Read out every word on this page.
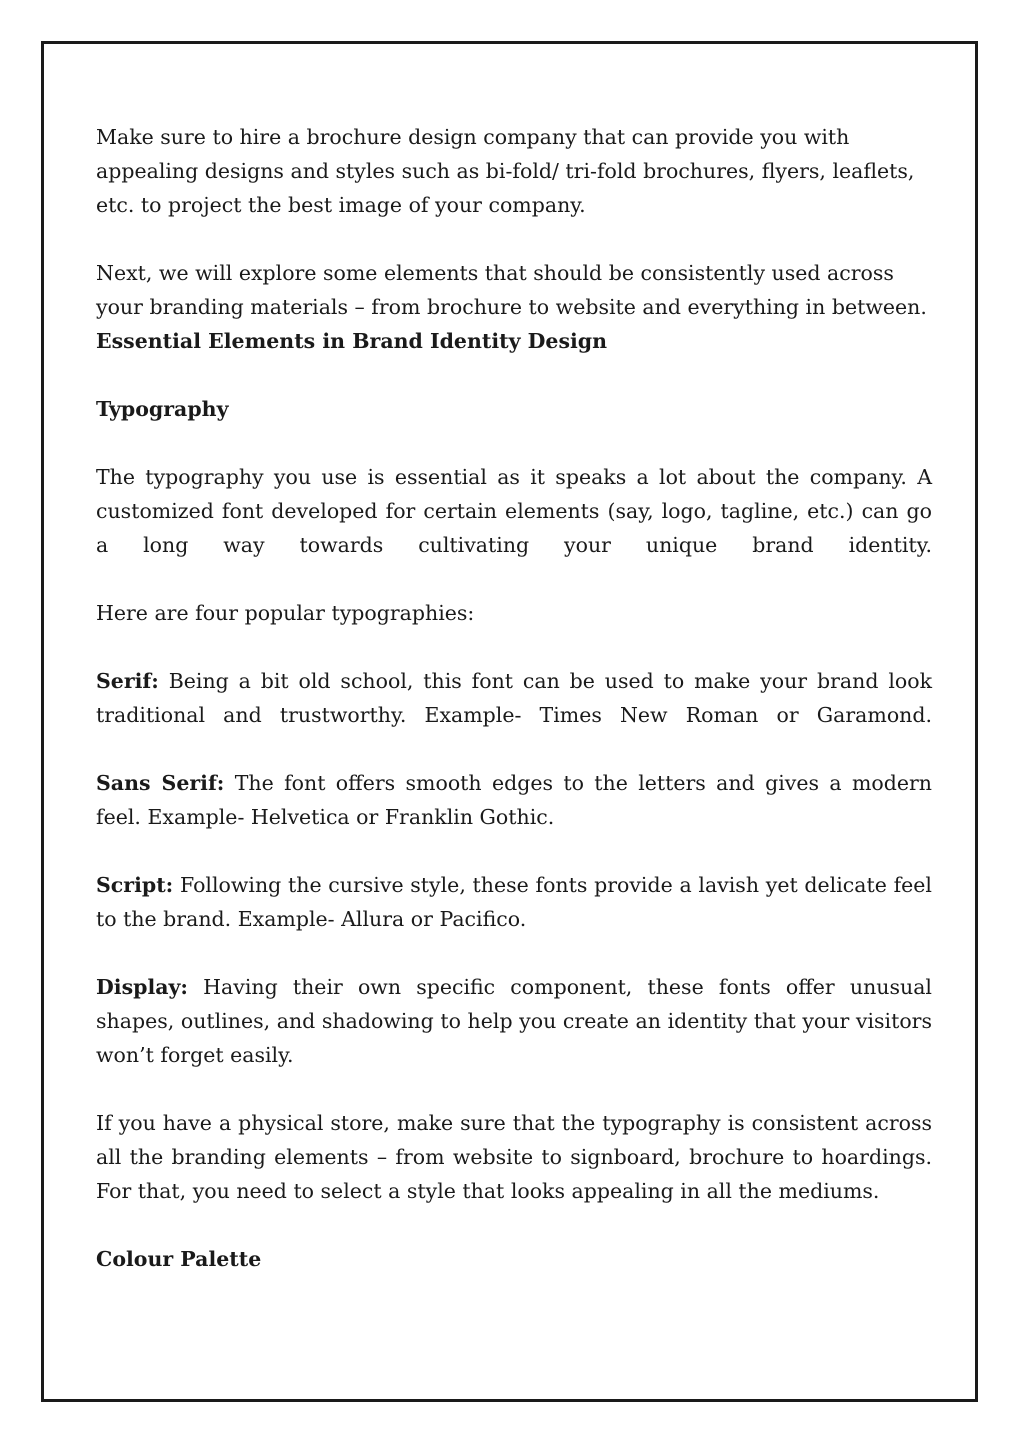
Make sure to hire a brochure design company that can provide you with appealing designs and styles such as bi-fold/ tri-fold brochures, flyers, leaflets, etc. to project the best image of your company.

Next, we will explore some elements that should be consistently used across your branding materials – from brochure to website and everything in between.

Essential Elements in Brand Identity Design

Typography

The typography you use is essential as it speaks a lot about the company. A customized font developed for certain elements (say, logo, tagline, etc.) can go a long way towards cultivating your unique brand identity.

Here are four popular typographies:

Serif: Being a bit old school, this font can be used to make your brand look traditional and trustworthy. Example- Times New Roman or Garamond.

Sans Serif: The font offers smooth edges to the letters and gives a modern feel. Example- Helvetica or Franklin Gothic.

Script: Following the cursive style, these fonts provide a lavish yet delicate feel to the brand. Example- Allura or Pacifico.

Display: Having their own specific component, these fonts offer unusual shapes, outlines, and shadowing to help you create an identity that your visitors won’t forget easily.

If you have a physical store, make sure that the typography is consistent across all the branding elements – from website to signboard, brochure to hoardings. For that, you need to select a style that looks appealing in all the mediums.

Colour Palette
